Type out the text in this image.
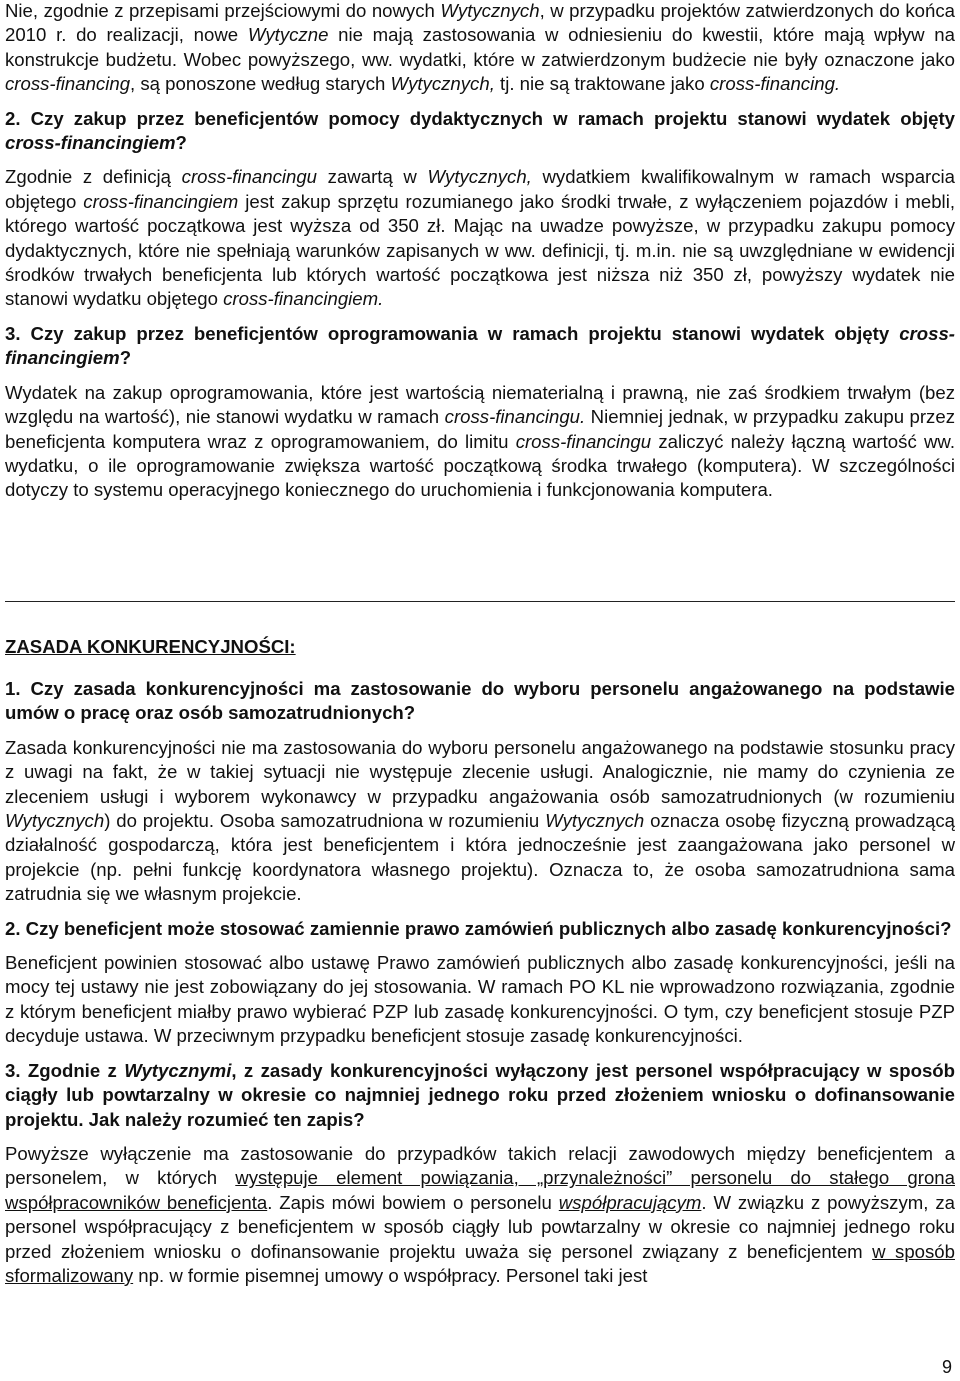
Nie, zgodnie z przepisami przejściowymi do nowych Wytycznych, w przypadku projektów zatwierdzonych do końca 2010 r. do realizacji, nowe Wytyczne nie mają zastosowania w odniesieniu do kwestii, które mają wpływ na konstrukcje budżetu. Wobec powyższego, ww. wydatki, które w zatwierdzonym budżecie nie były oznaczone jako cross-financing, są ponoszone według starych Wytycznych, tj. nie są traktowane jako cross-financing.

2. Czy zakup przez beneficjentów pomocy dydaktycznych w ramach projektu stanowi wydatek objęty cross-financingiem?

Zgodnie z definicją cross-financingu zawartą w Wytycznych, wydatkiem kwalifikowalnym w ramach wsparcia objętego cross-financingiem jest zakup sprzętu rozumianego jako środki trwałe, z wyłączeniem pojazdów i mebli, którego wartość początkowa jest wyższa od 350 zł. Mając na uwadze powyższe, w przypadku zakupu pomocy dydaktycznych, które nie spełniają warunków zapisanych w ww. definicji, tj. m.in. nie są uwzględniane w ewidencji środków trwałych beneficjenta lub których wartość początkowa jest niższa niż 350 zł, powyższy wydatek nie stanowi wydatku objętego cross-financingiem.

3. Czy zakup przez beneficjentów oprogramowania w ramach projektu stanowi wydatek objęty cross-financingiem?

Wydatek na zakup oprogramowania, które jest wartością niematerialną i prawną, nie zaś środkiem trwałym (bez względu na wartość), nie stanowi wydatku w ramach cross-financingu. Niemniej jednak, w przypadku zakupu przez beneficjenta komputera wraz z oprogramowaniem, do limitu cross-financingu zaliczyć należy łączną wartość ww. wydatku, o ile oprogramowanie zwiększa wartość początkową środka trwałego (komputera). W szczególności dotyczy to systemu operacyjnego koniecznego do uruchomienia i funkcjonowania komputera.

ZASADA KONKURENCYJNOŚCI:

1. Czy zasada konkurencyjności ma zastosowanie do wyboru personelu angażowanego na podstawie umów o pracę oraz osób samozatrudnionych?

Zasada konkurencyjności nie ma zastosowania do wyboru personelu angażowanego na podstawie stosunku pracy z uwagi na fakt, że w takiej sytuacji nie występuje zlecenie usługi. Analogicznie, nie mamy do czynienia ze zleceniem usługi i wyborem wykonawcy w przypadku angażowania osób samozatrudnionych (w rozumieniu Wytycznych) do projektu. Osoba samozatrudniona w rozumieniu Wytycznych oznacza osobę fizyczną prowadzącą działalność gospodarczą, która jest beneficjentem i która jednocześnie jest zaangażowana jako personel w projekcie (np. pełni funkcję koordynatora własnego projektu). Oznacza to, że osoba samozatrudniona sama zatrudnia się we własnym projekcie.

2. Czy beneficjent może stosować zamiennie prawo zamówień publicznych albo zasadę konkurencyjności?

Beneficjent powinien stosować albo ustawę Prawo zamówień publicznych albo zasadę konkurencyjności, jeśli na mocy tej ustawy nie jest zobowiązany do jej stosowania. W ramach PO KL nie wprowadzono rozwiązania, zgodnie z którym beneficjent miałby prawo wybierać PZP lub zasadę konkurencyjności. O tym, czy beneficjent stosuje PZP decyduje ustawa. W przeciwnym przypadku beneficjent stosuje zasadę konkurencyjności.

3. Zgodnie z Wytycznymi, z zasady konkurencyjności wyłączony jest personel współpracujący w sposób ciągły lub powtarzalny w okresie co najmniej jednego roku przed złożeniem wniosku o dofinansowanie projektu. Jak należy rozumieć ten zapis?

Powyższe wyłączenie ma zastosowanie do przypadków takich relacji zawodowych między beneficjentem a personelem, w których występuje element powiązania, „przynależności” personelu do stałego grona współpracowników beneficjenta. Zapis mówi bowiem o personelu współpracującym. W związku z powyższym, za personel współpracujący z beneficjentem w sposób ciągły lub powtarzalny w okresie co najmniej jednego roku przed złożeniem wniosku o dofinansowanie projektu uważa się personel związany z beneficjentem w sposób sformalizowany np. w formie pisemnej umowy o współpracy. Personel taki jest

9
